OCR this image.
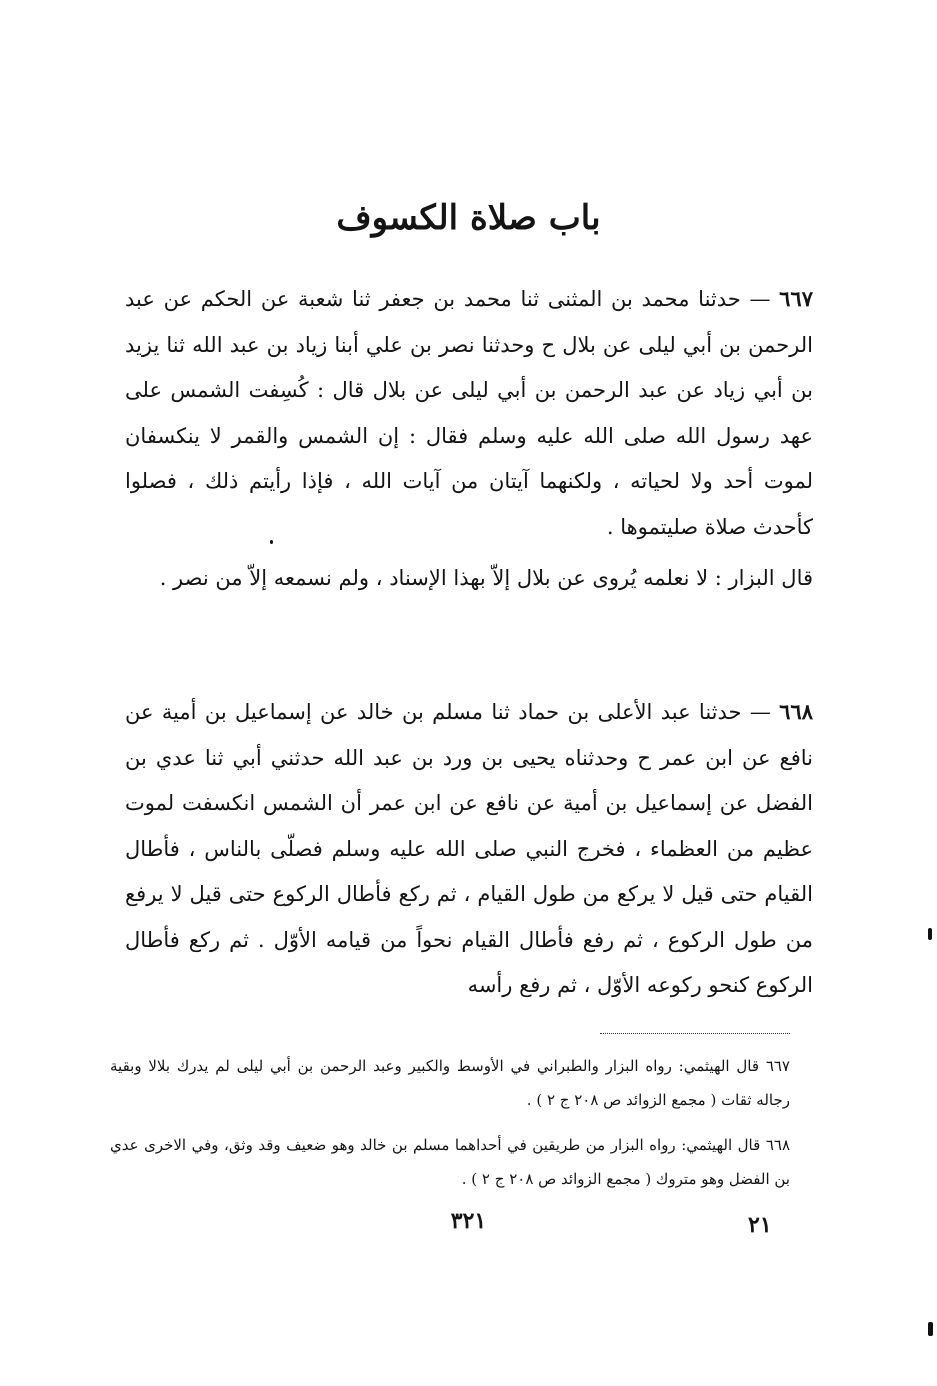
باب صلاة الكسوف

٦٦٧ — حدثنا محمد بن المثنى ثنا محمد بن جعفر ثنا شعبة عن الحكم عن عبد الرحمن بن أبي ليلى عن بلال ح وحدثنا نصر بن علي أبنا زياد بن عبد الله ثنا يزيد بن أبي زياد عن عبد الرحمن بن أبي ليلى عن بلال قال : كُسِفت الشمس على عهد رسول الله صلى الله عليه وسلم فقال : إن الشمس والقمر لا ينكسفان لموت أحد ولا لحياته ، ولكنهما آيتان من آيات الله ، فإذا رأيتم ذلك ، فصلوا كأحدث صلاة صليتموها .

قال البزار : لا نعلمه يُروى عن بلال إلاّ بهذا الإسناد ، ولم نسمعه إلاّ من نصر .

٦٦٨ — حدثنا عبد الأعلى بن حماد ثنا مسلم بن خالد عن إسماعيل بن أمية عن نافع عن ابن عمر ح وحدثناه يحيى بن ورد بن عبد الله حدثني أبي ثنا عدي بن الفضل عن إسماعيل بن أمية عن نافع عن ابن عمر أن الشمس انكسفت لموت عظيم من العظماء ، فخرج النبي صلى الله عليه وسلم فصلّى بالناس ، فأطال القيام حتى قيل لا يركع من طول القيام ، ثم ركع فأطال الركوع حتى قيل لا يرفع من طول الركوع ، ثم رفع فأطال القيام نحواً من قيامه الأوّل . ثم ركع فأطال الركوع كنحو ركوعه الأوّل ، ثم رفع رأسه

٦٦٧ قال الهيثمي: رواه البزار والطبراني في الأوسط والكبير وعبد الرحمن بن أبي ليلى لم يدرك بلالا وبقية رجاله ثقات ( مجمع الزوائد ص ٢٠٨ ج ٢ ) .

٦٦٨ قال الهيثمي: رواه البزار من طريقين في أحداهما مسلم بن خالد وهو ضعيف وقد وثق، وفي الاخرى عدي بن الفضل وهو متروك ( مجمع الزوائد ص ٢٠٨ ج ٢ ) .

٢١
٣٢١
